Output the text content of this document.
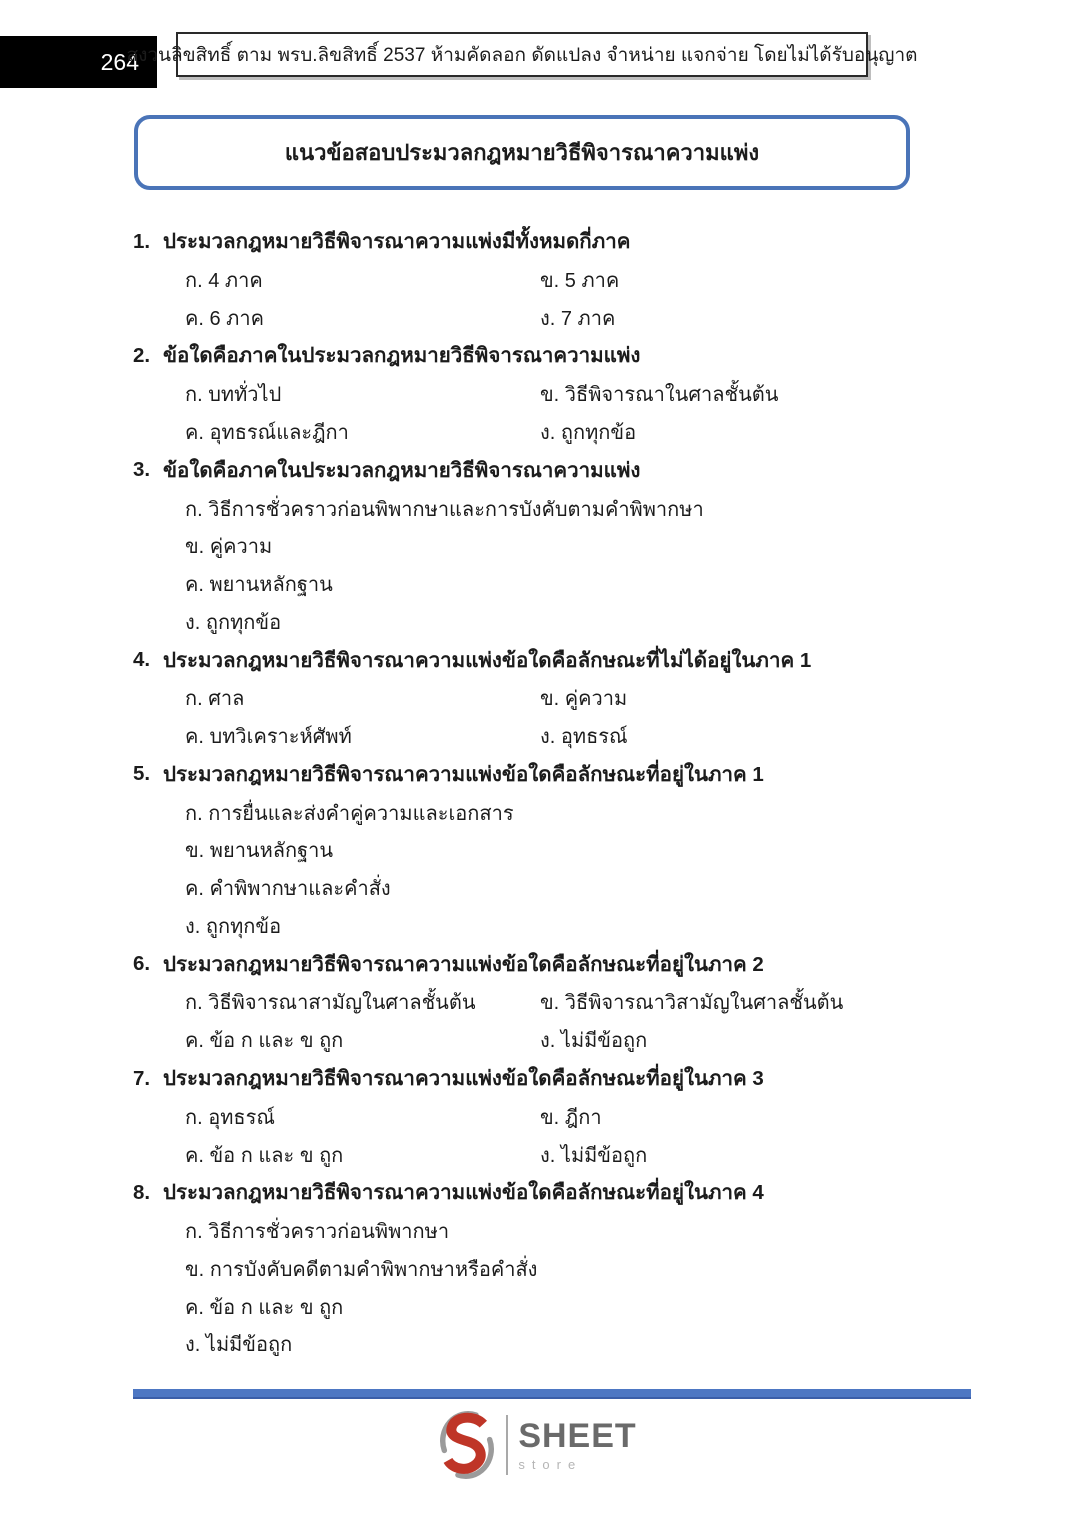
264
สงวนลิขสิทธิ์ ตาม พรบ.ลิขสิทธิ์ 2537 ห้ามคัดลอก ดัดแปลง จำหน่าย แจกจ่าย โดยไม่ได้รับอนุญาต
แนวข้อสอบประมวลกฎหมายวิธีพิจารณาความแพ่ง
1. ประมวลกฎหมายวิธีพิจารณาความแพ่งมีทั้งหมดกี่ภาค
ก. 4 ภาค	ข. 5 ภาค
ค. 6 ภาค	ง. 7 ภาค
2. ข้อใดคือภาคในประมวลกฎหมายวิธีพิจารณาความแพ่ง
ก. บททั่วไป	ข. วิธีพิจารณาในศาลชั้นต้น
ค. อุทธรณ์และฎีกา	ง. ถูกทุกข้อ
3. ข้อใดคือภาคในประมวลกฎหมายวิธีพิจารณาความแพ่ง
ก. วิธีการชั่วคราวก่อนพิพากษาและการบังคับตามคำพิพากษา
ข. คู่ความ
ค. พยานหลักฐาน
ง. ถูกทุกข้อ
4. ประมวลกฎหมายวิธีพิจารณาความแพ่งข้อใดคือลักษณะที่ไม่ได้อยู่ในภาค 1
ก. ศาล	ข. คู่ความ
ค. บทวิเคราะห์ศัพท์	ง. อุทธรณ์
5. ประมวลกฎหมายวิธีพิจารณาความแพ่งข้อใดคือลักษณะที่อยู่ในภาค 1
ก. การยื่นและส่งคำคู่ความและเอกสาร
ข. พยานหลักฐาน
ค. คำพิพากษาและคำสั่ง
ง. ถูกทุกข้อ
6. ประมวลกฎหมายวิธีพิจารณาความแพ่งข้อใดคือลักษณะที่อยู่ในภาค 2
ก. วิธีพิจารณาสามัญในศาลชั้นต้น	ข. วิธีพิจารณาวิสามัญในศาลชั้นต้น
ค. ข้อ ก และ ข ถูก	ง. ไม่มีข้อถูก
7. ประมวลกฎหมายวิธีพิจารณาความแพ่งข้อใดคือลักษณะที่อยู่ในภาค 3
ก. อุทธรณ์	ข. ฎีกา
ค. ข้อ ก และ ข ถูก	ง. ไม่มีข้อถูก
8. ประมวลกฎหมายวิธีพิจารณาความแพ่งข้อใดคือลักษณะที่อยู่ในภาค 4
ก. วิธีการชั่วคราวก่อนพิพากษา
ข. การบังคับคดีตามคำพิพากษาหรือคำสั่ง
ค. ข้อ ก และ ข ถูก
ง. ไม่มีข้อถูก
SHEET
store
